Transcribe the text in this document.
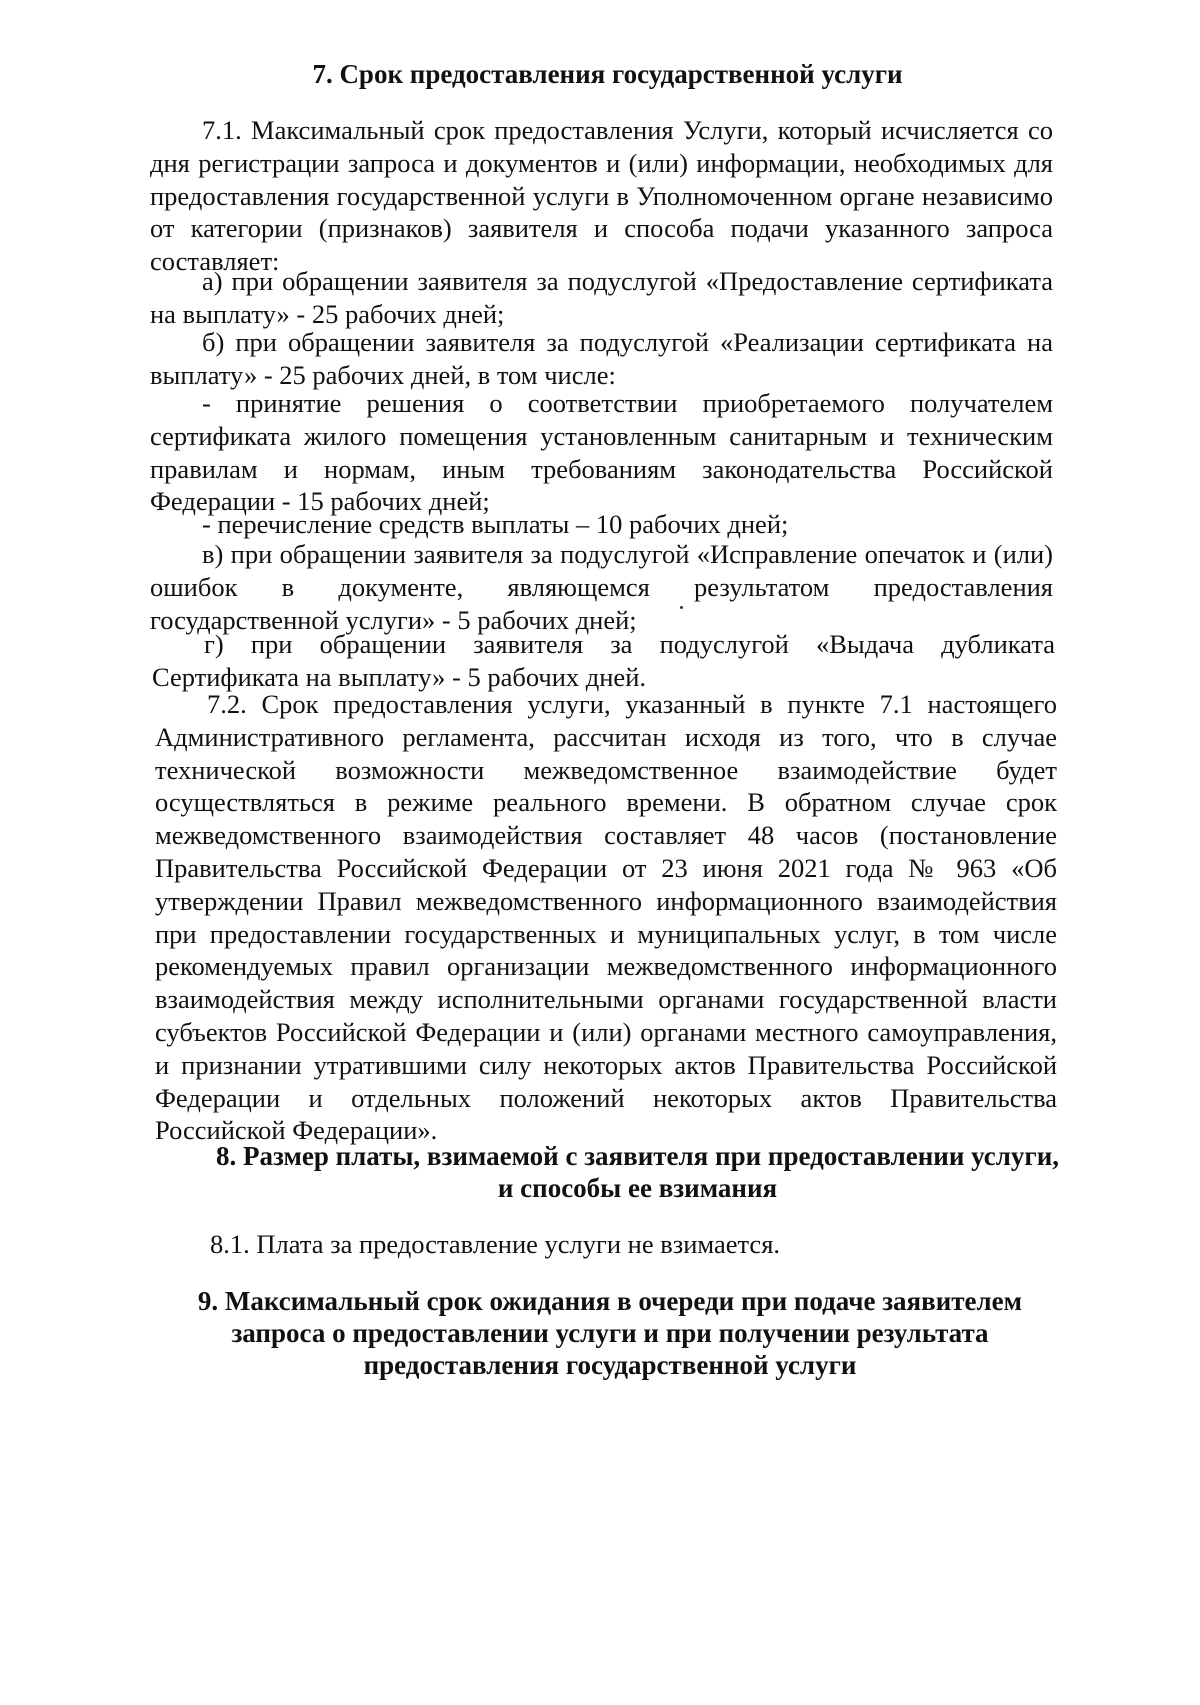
7. Срок предоставления государственной услуги

7.1. Максимальный срок предоставления Услуги, который исчисляется со дня регистрации запроса и документов и (или) информации, необходимых для предоставления государственной услуги в Уполномоченном органе независимо от категории (признаков) заявителя и способа подачи указанного запроса составляет:

а) при обращении заявителя за подуслугой «Предоставление сертификата на выплату» - 25 рабочих дней;

б) при обращении заявителя за подуслугой «Реализации сертификата на выплату» - 25 рабочих дней, в том числе:

- принятие решения о соответствии приобретаемого получателем сертификата жилого помещения установленным санитарным и техническим правилам и нормам, иным требованиям законодательства Российской Федерации - 15 рабочих дней;

- перечисление средств выплаты – 10 рабочих дней;

в) при обращении заявителя за подуслугой «Исправление опечаток и (или) ошибок в документе, являющемся результатом предоставления государственной услуги» - 5 рабочих дней;

г) при обращении заявителя за подуслугой «Выдача дубликата Сертификата на выплату» - 5 рабочих дней.

7.2. Срок предоставления услуги, указанный в пункте 7.1 настоящего Административного регламента, рассчитан исходя из того, что в случае технической возможности межведомственное взаимодействие будет осуществляться в режиме реального времени. В обратном случае срок межведомственного взаимодействия составляет 48 часов (постановление Правительства Российской Федерации от 23 июня 2021 года № 963 «Об утверждении Правил межведомственного информационного взаимодействия при предоставлении государственных и муниципальных услуг, в том числе рекомендуемых правил организации межведомственного информационного взаимодействия между исполнительными органами государственной власти субъектов Российской Федерации и (или) органами местного самоуправления, и признании утратившими силу некоторых актов Правительства Российской Федерации и отдельных положений некоторых актов Правительства Российской Федерации».

8. Размер платы, взимаемой с заявителя при предоставлении услуги,
и способы ее взимания

8.1. Плата за предоставление услуги не взимается.

9. Максимальный срок ожидания в очереди при подаче заявителем
запроса о предоставлении услуги и при получении результата
предоставления государственной услуги
